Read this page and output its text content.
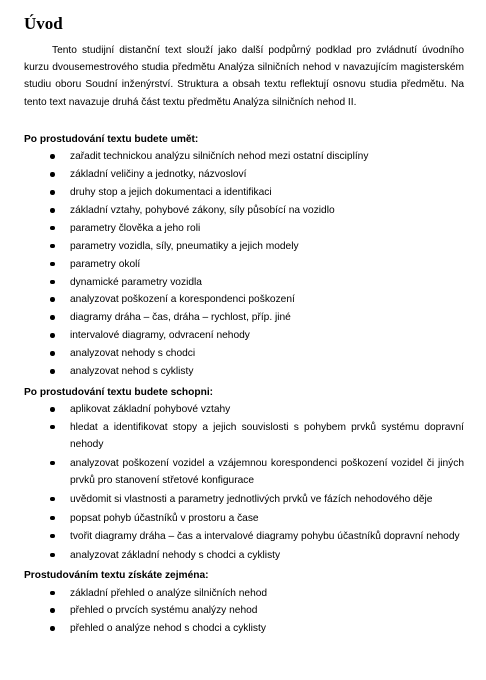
Úvod

Tento studijní distanční text slouží jako další podpůrný podklad pro zvládnutí úvodního kurzu dvousemestrového studia předmětu Analýza silničních nehod v navazujícím magisterském studiu oboru Soudní inženýrství. Struktura a obsah textu reflektují osnovu studia předmětu. Na tento text navazuje druhá část textu předmětu Analýza silničních nehod II.

Po prostudování textu budete umět:

zařadit technickou analýzu silničních nehod mezi ostatní disciplíny
základní veličiny a jednotky, názvosloví
druhy stop a jejich dokumentaci a identifikaci
základní vztahy, pohybové zákony, síly působící na vozidlo
parametry člověka a jeho roli
parametry vozidla, síly, pneumatiky a jejich modely
parametry okolí
dynamické parametry vozidla
analyzovat poškození a korespondenci poškození
diagramy dráha – čas, dráha – rychlost, příp. jiné
intervalové diagramy, odvracení nehody
analyzovat nehody s chodci
analyzovat nehod s cyklisty

Po prostudování textu budete schopni:

aplikovat základní pohybové vztahy
hledat a identifikovat stopy a jejich souvislosti s pohybem prvků systému dopravní nehody
analyzovat poškození vozidel a vzájemnou korespondenci poškození vozidel či jiných prvků pro stanovení střetové konfigurace
uvědomit si vlastnosti a parametry jednotlivých prvků ve fázích nehodového děje
popsat pohyb účastníků v prostoru a čase
tvořit diagramy dráha – čas a intervalové diagramy pohybu účastníků dopravní nehody
analyzovat základní nehody s chodci a cyklisty

Prostudováním textu získáte zejména:

základní přehled o analýze silničních nehod
přehled o prvcích systému analýzy nehod
přehled o analýze nehod s chodci a cyklisty
